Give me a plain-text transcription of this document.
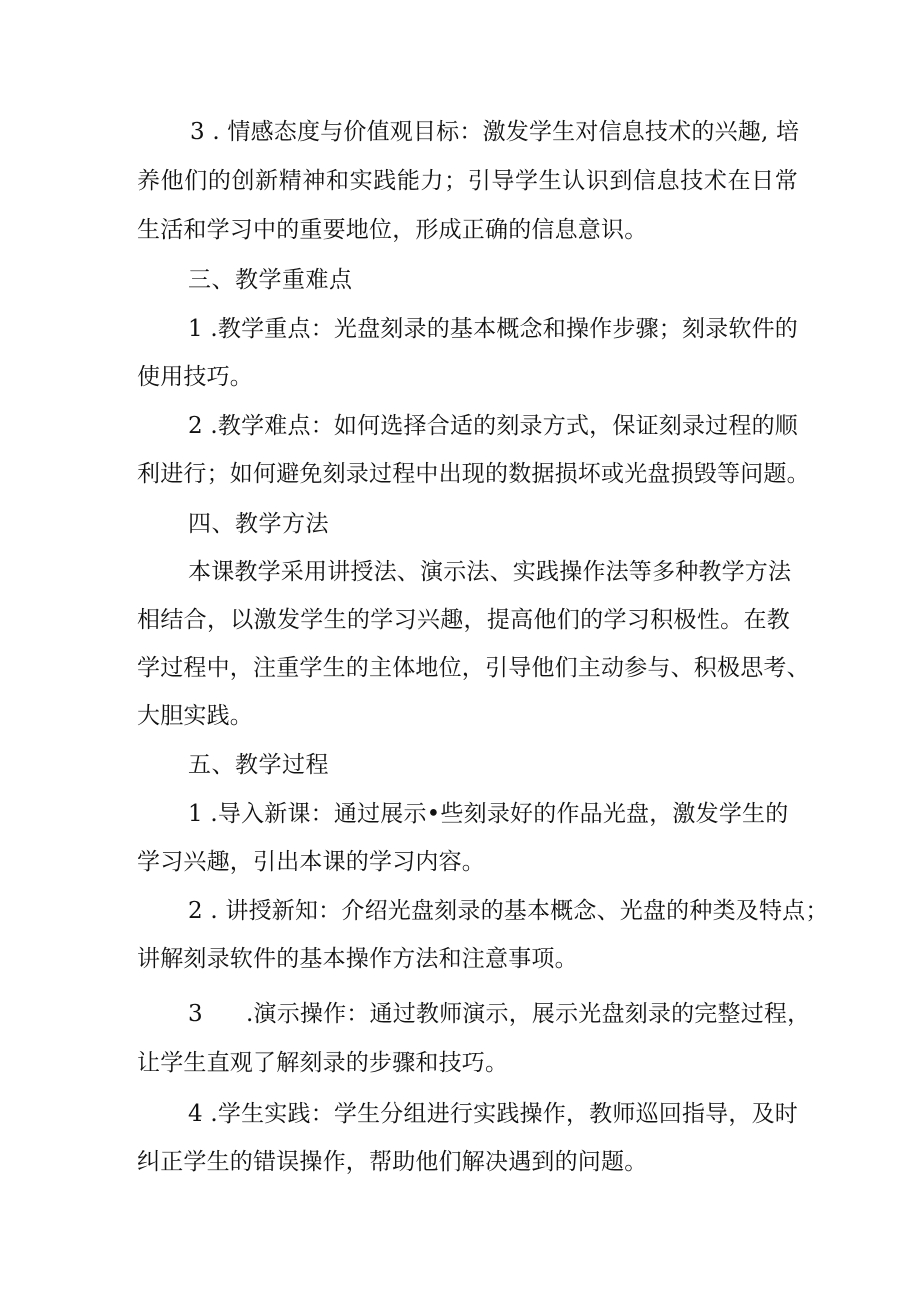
3 . 情感态度与价值观目标：激发学生对信息技术的兴趣, 培
养他们的创新精神和实践能力；引导学生认识到信息技术在日常
生活和学习中的重要地位，形成正确的信息意识。
三、教学重难点
1 .教学重点：光盘刻录的基本概念和操作步骤；刻录软件的
使用技巧。
2 .教学难点：如何选择合适的刻录方式，保证刻录过程的顺
利进行；如何避免刻录过程中出现的数据损坏或光盘损毁等问题。
四、教学方法
本课教学采用讲授法、演示法、实践操作法等多种教学方法
相结合，以激发学生的学习兴趣，提高他们的学习积极性。在教
学过程中，注重学生的主体地位，引导他们主动参与、积极思考、
大胆实践。
五、教学过程
1 .导入新课：通过展示•些刻录好的作品光盘，激发学生的
学习兴趣，引出本课的学习内容。
2 . 讲授新知：介绍光盘刻录的基本概念、光盘的种类及特点；
讲解刻录软件的基本操作方法和注意事项。
3 .演示操作：通过教师演示，展示光盘刻录的完整过程，
让学生直观了解刻录的步骤和技巧。
4 .学生实践：学生分组进行实践操作，教师巡回指导，及时
纠正学生的错误操作，帮助他们解决遇到的问题。
